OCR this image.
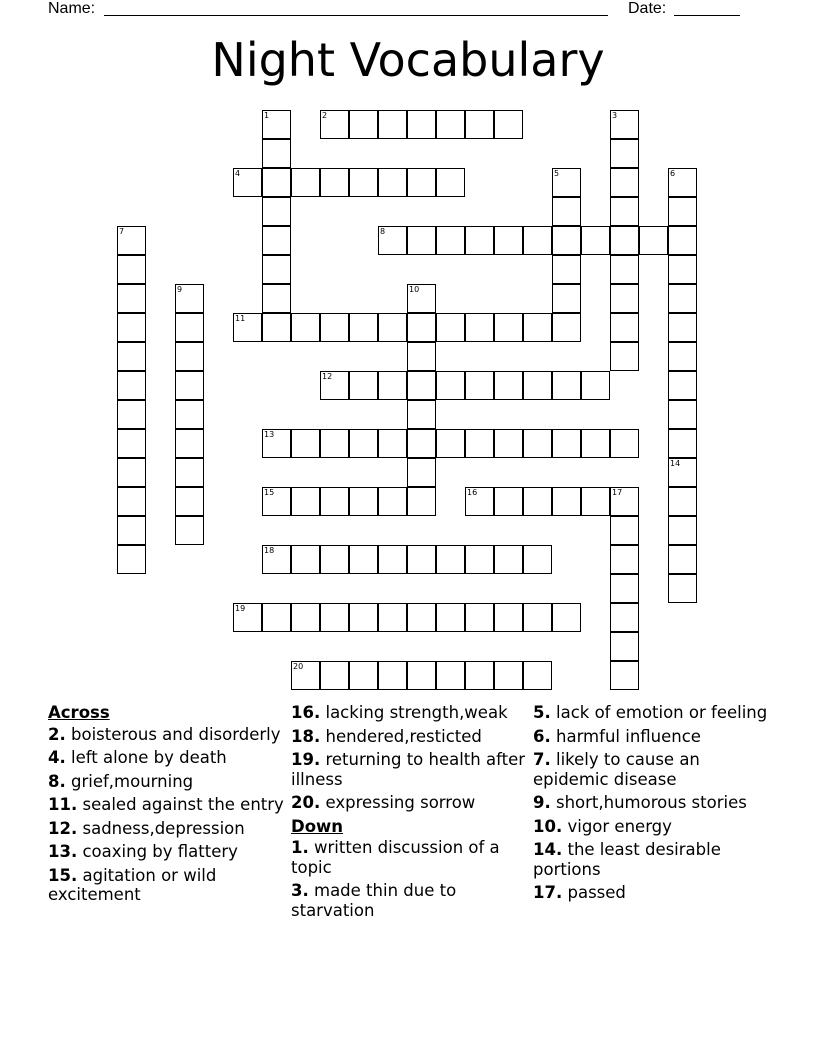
Name:	Date:
Night Vocabulary
1	2	3
4	5	6
7	8
9	10
11
12
13
14
15	16	17
18
19
20
Across
2. boisterous and disorderly
4. left alone by death
8. grief,mourning
11. sealed against the entry
12. sadness,depression
13. coaxing by flattery
15. agitation or wild excitement
16. lacking strength,weak
18. hendered,resticted
19. returning to health after illness
20. expressing sorrow
Down
1. written discussion of a topic
3. made thin due to starvation
5. lack of emotion or feeling
6. harmful influence
7. likely to cause an epidemic disease
9. short,humorous stories
10. vigor energy
14. the least desirable portions
17. passed
